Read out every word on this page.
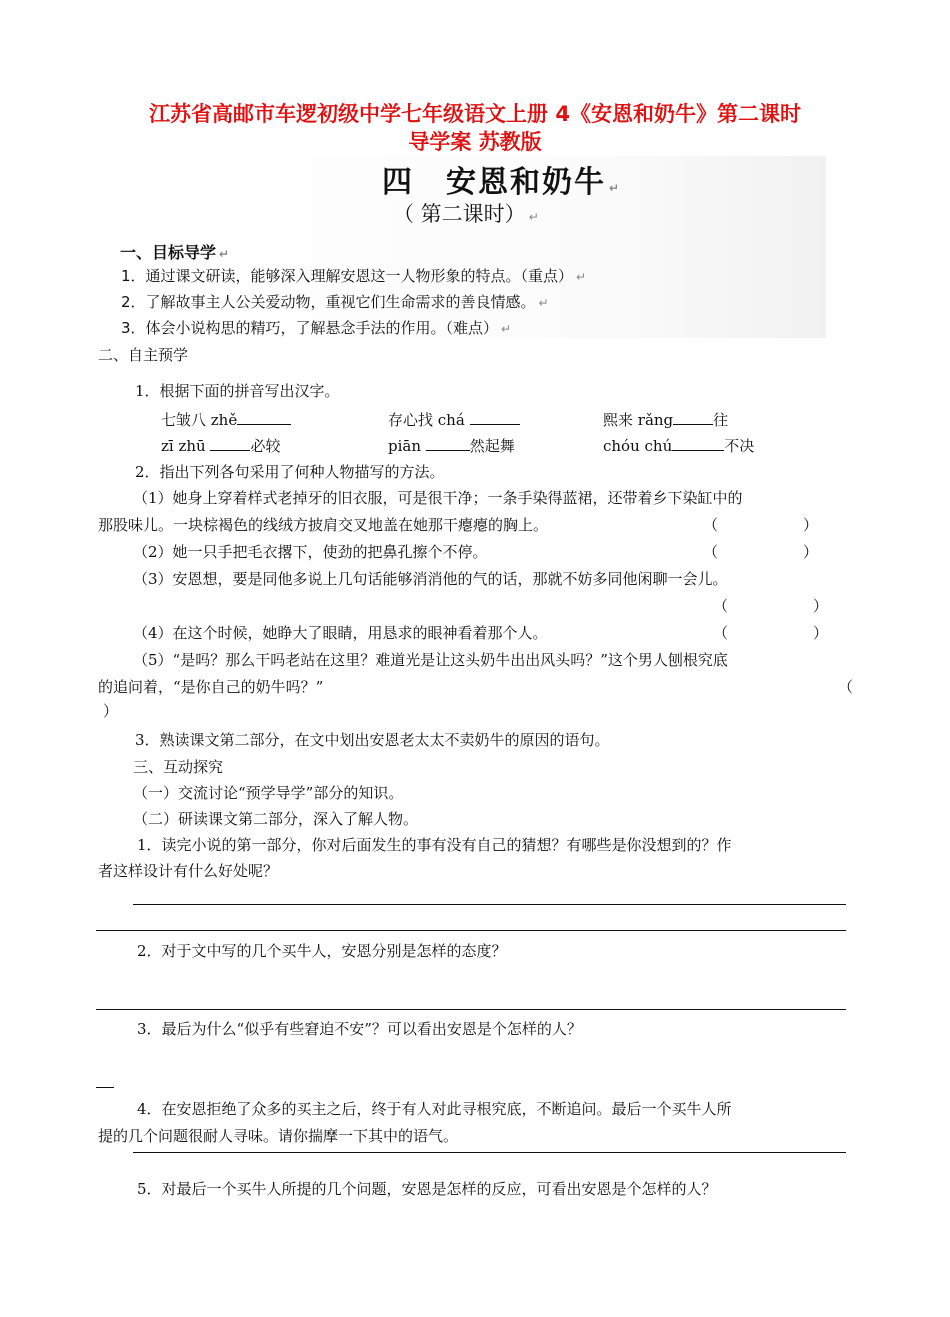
江苏省高邮市车逻初级中学七年级语文上册 4《安恩和奶牛》第二课时
导学案 苏教版
四　安恩和奶牛 ↵
（ 第二课时） ↵
一、目标导学 ↵
1．通过课文研读，能够深入理解安恩这一人物形象的特点。（重点） ↵
2．了解故事主人公关爱动物，重视它们生命需求的善良情感。 ↵
3．体会小说构思的精巧，了解悬念手法的作用。（难点） ↵
二、自主预学
1．根据下面的拼音写出汉字。
七皱八 zhě	存心找 chá	熙来 rǎng	往
zī zhū	必较	piān	然起舞	chóu chú	不决
2．指出下列各句采用了何种人物描写的方法。
（1）她身上穿着样式老掉牙的旧衣服，可是很干净；一条手染得蓝裙，还带着乡下染缸中的
那股味儿。一块棕褐色的线绒方披肩交叉地盖在她那干瘪瘪的胸上。	（	）
（2）她一只手把毛衣撂下，使劲的把鼻孔擦个不停。	（	）
（3）安恩想，要是同他多说上几句话能够消消他的气的话，那就不妨多同他闲聊一会儿。
（	）
（4）在这个时候，她睁大了眼睛，用恳求的眼神看着那个人。	（	）
（5）“是吗？那么干吗老站在这里？难道光是让这头奶牛出出风头吗？”这个男人刨根究底
的追问着，“是你自己的奶牛吗？”	（
）
3．熟读课文第二部分，在文中划出安恩老太太不卖奶牛的原因的语句。
三、互动探究
（一）交流讨论“预学导学”部分的知识。
（二）研读课文第二部分，深入了解人物。
1．读完小说的第一部分，你对后面发生的事有没有自己的猜想？有哪些是你没想到的？作
者这样设计有什么好处呢？
2．对于文中写的几个买牛人，安恩分别是怎样的态度？
3．最后为什么“似乎有些窘迫不安”？可以看出安恩是个怎样的人？
4．在安恩拒绝了众多的买主之后，终于有人对此寻根究底，不断追问。最后一个买牛人所
提的几个问题很耐人寻味。请你揣摩一下其中的语气。
5．对最后一个买牛人所提的几个问题，安恩是怎样的反应，可看出安恩是个怎样的人？
